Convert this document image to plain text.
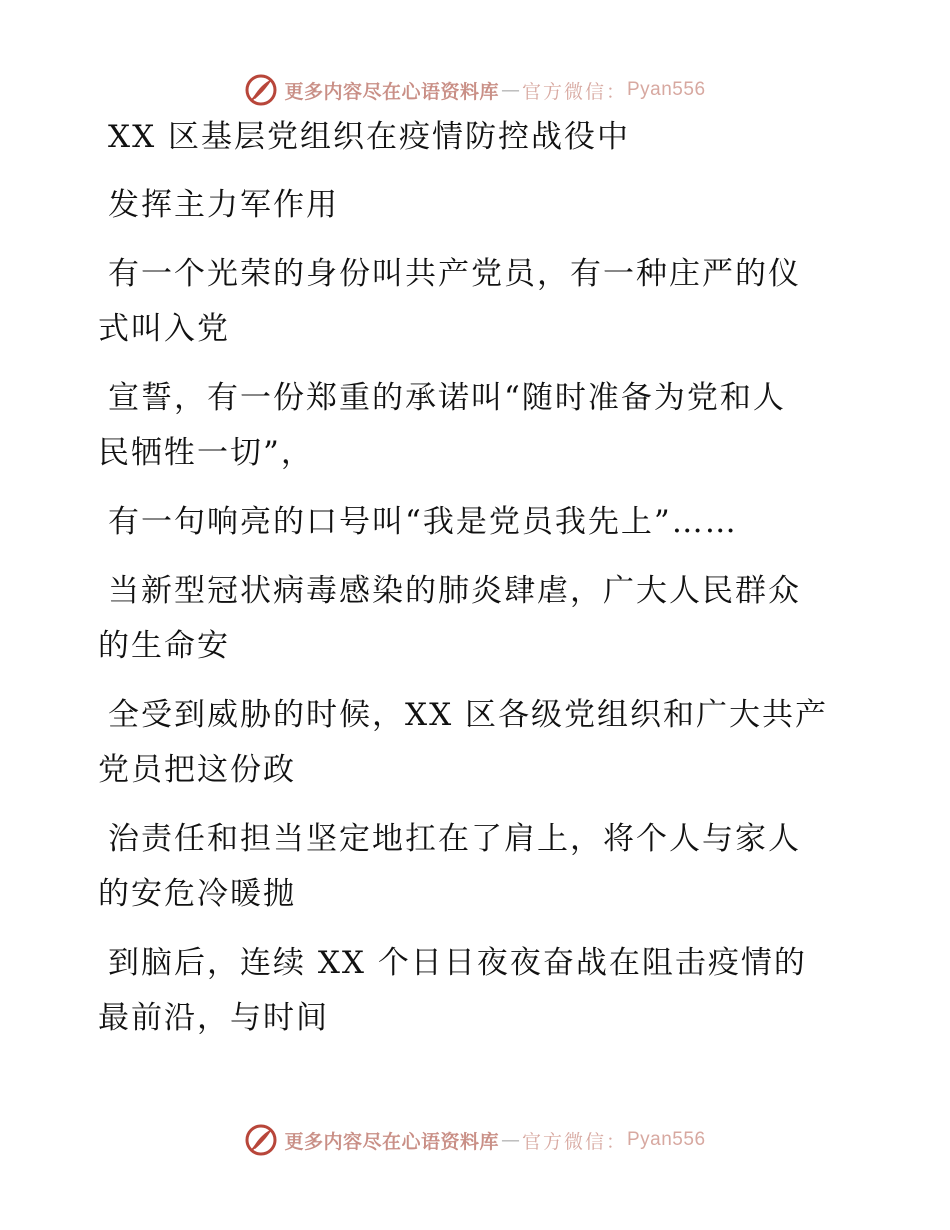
更多内容尽在心语资料库 — 官方微信： Pyan556

XX 区基层党组织在疫情防控战役中

发挥主力军作用

有一个光荣的身份叫共产党员，有一种庄严的仪

式叫入党

宣誓，有一份郑重的承诺叫“随时准备为党和人

民牺牲一切”，

有一句响亮的口号叫“我是党员我先上”……

当新型冠状病毒感染的肺炎肆虐，广大人民群众

的生命安

全受到威胁的时候，XX 区各级党组织和广大共产

党员把这份政

治责任和担当坚定地扛在了肩上，将个人与家人

的安危冷暖抛

到脑后，连续 XX 个日日夜夜奋战在阻击疫情的

最前沿，与时间

更多内容尽在心语资料库 — 官方微信： Pyan556
